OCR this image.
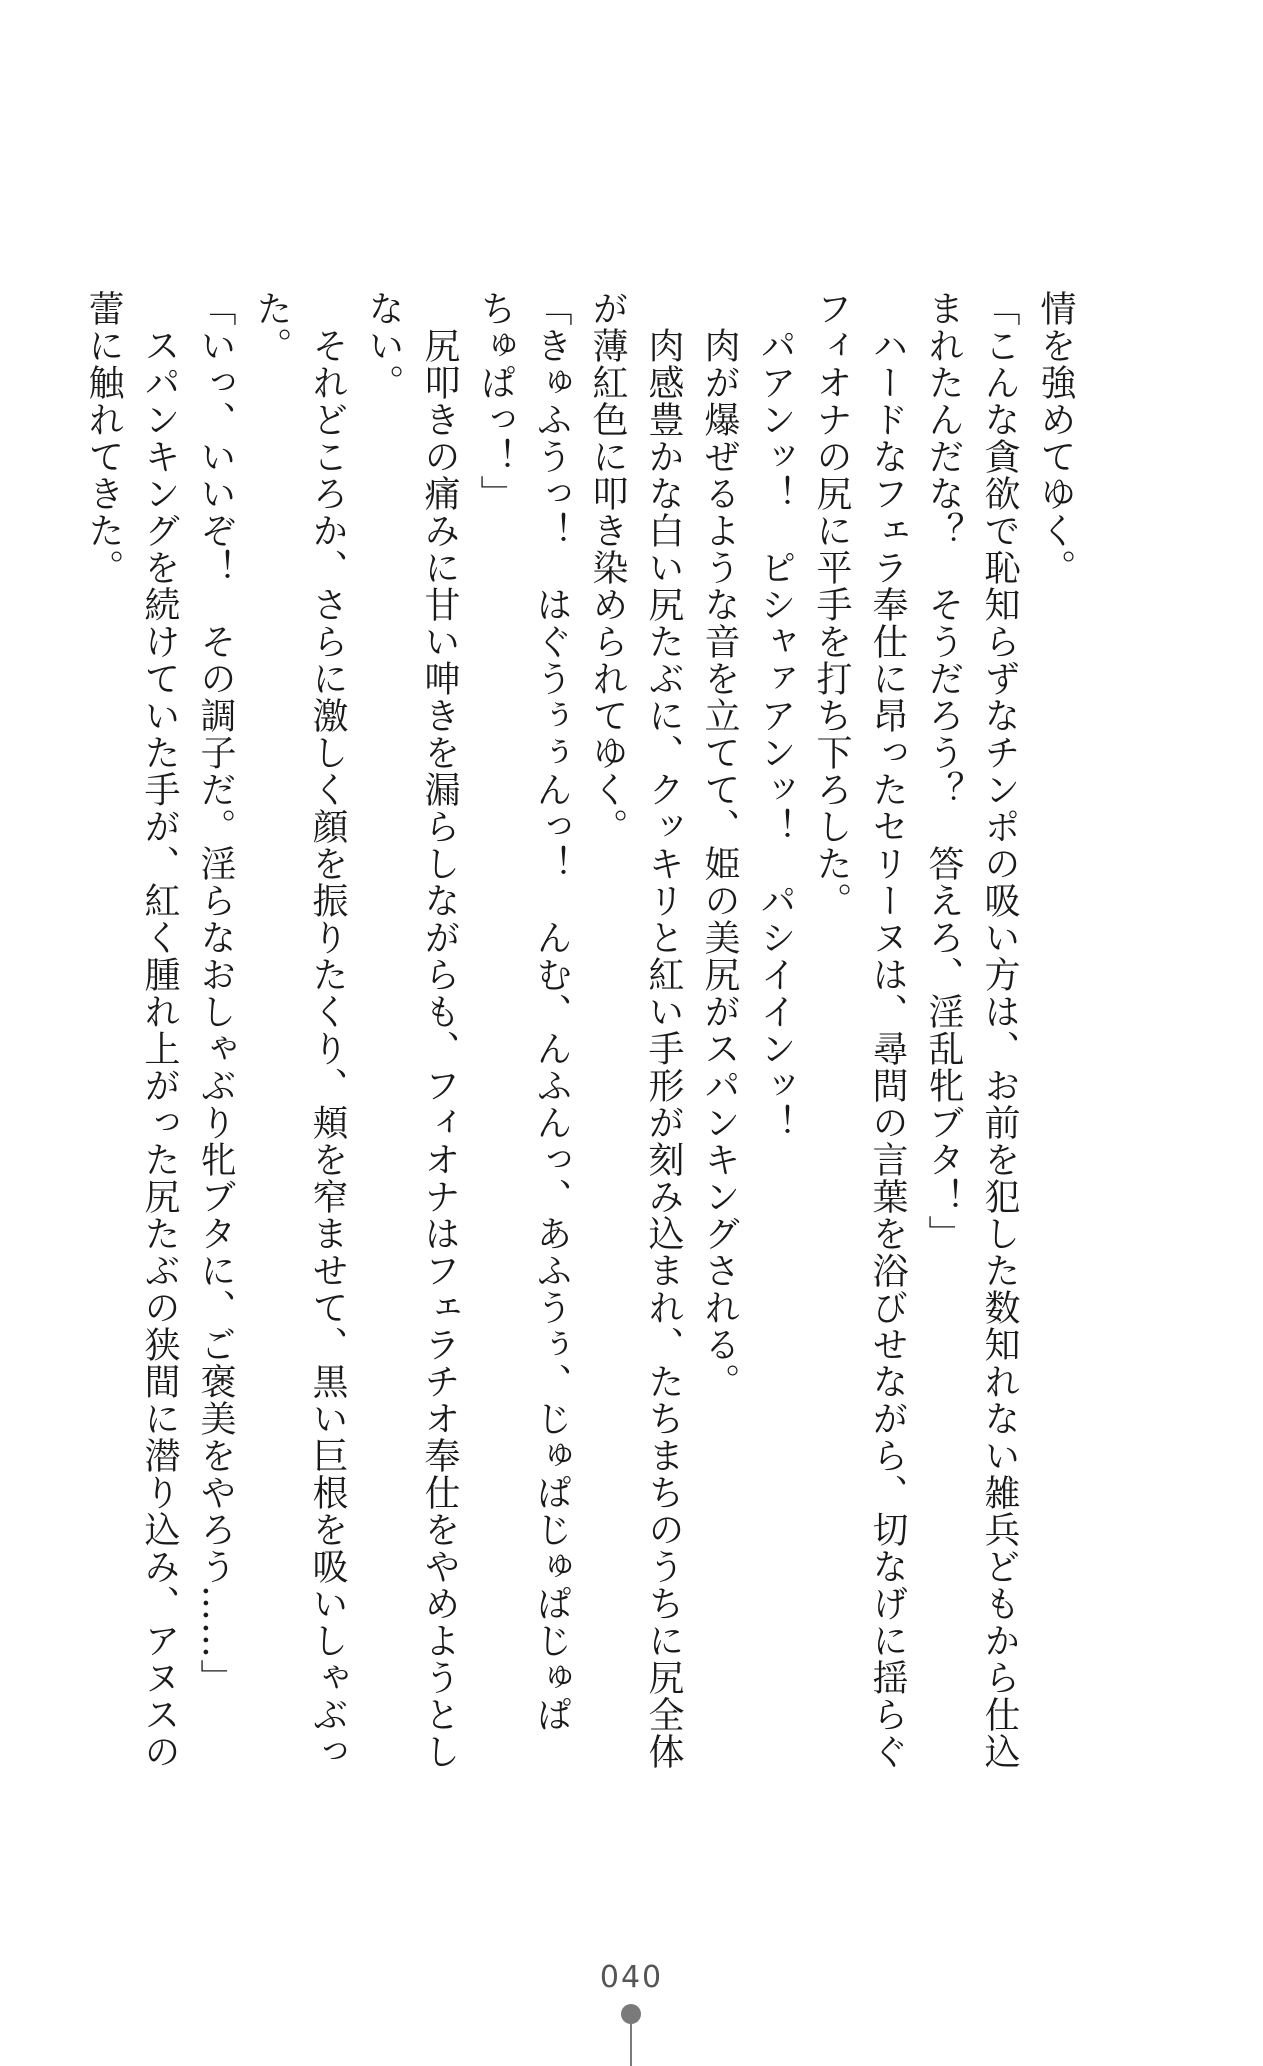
情を強めてゆく。

「こんな貪欲で恥知らずなチンポの吸い方は、お前を犯した数知れない雑兵どもから仕込

まれたんだな？　そうだろう？　答えろ、淫乱牝ブタ！」

　ハードなフェラ奉仕に昂ったセリーヌは、尋問の言葉を浴びせながら、切なげに揺らぐ

フィオナの尻に平手を打ち下ろした。

　パアンッ！　ピシャァアンッ！　パシイインッ！

　肉が爆ぜるような音を立てて、姫の美尻がスパンキングされる。

　肉感豊かな白い尻たぶに、クッキリと紅い手形が刻み込まれ、たちまちのうちに尻全体

が薄紅色に叩き染められてゆく。

「きゅふうっ！　はぐうぅぅんっ！　んむ、んふんっ、あふうぅ、じゅぱじゅぱじゅぱ

ちゅぱっ！」

　尻叩きの痛みに甘い呻きを漏らしながらも、フィオナはフェラチオ奉仕をやめようとし

ない。

　それどころか、さらに激しく顔を振りたくり、頬を窄ませて、黒い巨根を吸いしゃぶっ

た。

「いっ、いいぞ！　その調子だ。淫らなおしゃぶり牝ブタに、ご褒美をやろう……」

　スパンキングを続けていた手が、紅く腫れ上がった尻たぶの狭間に潜り込み、アヌスの

蕾に触れてきた。

040
